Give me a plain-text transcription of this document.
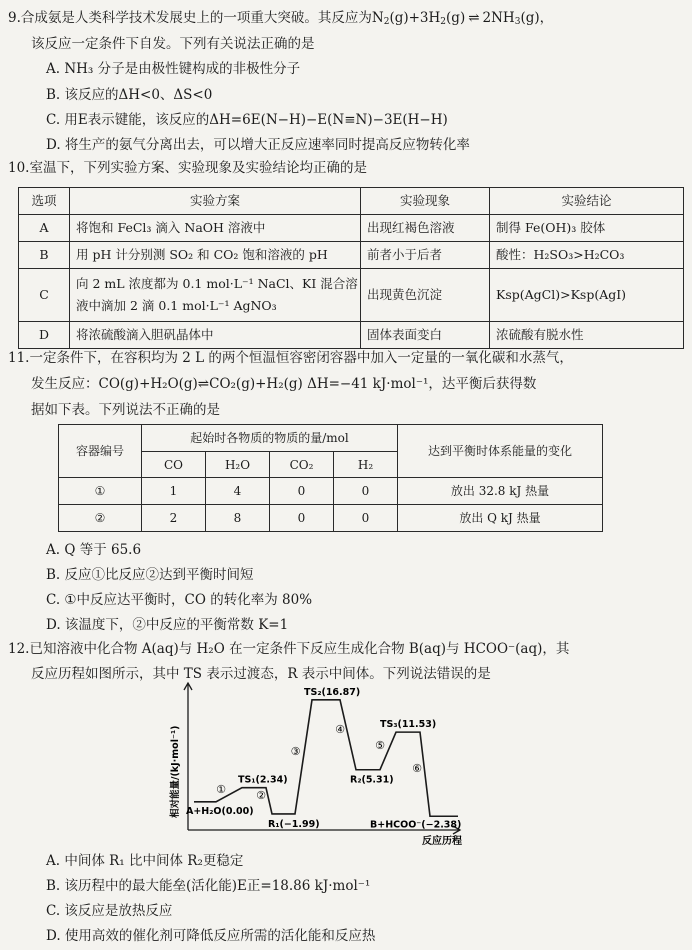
9.合成氨是人类科学技术发展史上的一项重大突破。其反应为$N_2(g)+3H_2(g)$ ⇌ $2NH_3(g)$，
该反应一定条件下自发。下列有关说法正确的是
A. NH₃ 分子是由极性键构成的非极性分子
B. 该反应的ΔH<0、ΔS<0
C. 用E表示键能，该反应的ΔH=6E(N−H)−E(N≡N)−3E(H−H)
D. 将生产的氨气分离出去，可以增大正反应速率同时提高反应物转化率
10.室温下，下列实验方案、实验现象及实验结论均正确的是
选项	实验方案	实验现象	实验结论
A	将饱和 FeCl₃ 滴入 NaOH 溶液中	出现红褐色溶液	制得 Fe(OH)₃ 胶体
B	用 pH 计分别测 SO₂ 和 CO₂ 饱和溶液的 pH	前者小于后者	酸性：H₂SO₃>H₂CO₃
C	向 2 mL 浓度都为 0.1 mol·L⁻¹ NaCl、KI 混合溶
液中滴加 2 滴 0.1 mol·L⁻¹ AgNO₃	出现黄色沉淀	Ksp(AgCl)>Ksp(AgI)
D	将浓硫酸滴入胆矾晶体中	固体表面变白	浓硫酸有脱水性
11.一定条件下，在容积均为 2 L 的两个恒温恒容密闭容器中加入一定量的一氧化碳和水蒸气，
发生反应：CO(g)+H₂O(g)⇌CO₂(g)+H₂(g) ΔH=−41 kJ·mol⁻¹，达平衡后获得数
据如下表。下列说法不正确的是
容器编号	起始时各物质的物质的量/mol				达到平衡时体系能量的变化
	CO	H₂O	CO₂	H₂	
①	1	4	0	0	放出 32.8 kJ 热量
②	2	8	0	0	放出 Q kJ 热量
A. Q 等于 65.6
B. 反应①比反应②达到平衡时间短
C. ①中反应达平衡时，CO 的转化率为 80%
D. 该温度下，②中反应的平衡常数 K=1
12.已知溶液中化合物 A(aq)与 H₂O 在一定条件下反应生成化合物 B(aq)与 HCOO⁻(aq)，其
反应历程如图所示，其中 TS 表示过渡态，R 表示中间体。下列说法错误的是
相对能量/(kJ·mol⁻¹)
反应历程
A+H₂O(0.00)
TS₁(2.34)
R₁(−1.99)
TS₂(16.87)
R₂(5.31)
TS₃(11.53)
B+HCOO⁻(−2.38)
①	②
③
④
⑤
⑥
A. 中间体 R₁ 比中间体 R₂更稳定
B. 该历程中的最大能垒(活化能)E正=18.86 kJ·mol⁻¹
C. 该反应是放热反应
D. 使用高效的催化剂可降低反应所需的活化能和反应热
